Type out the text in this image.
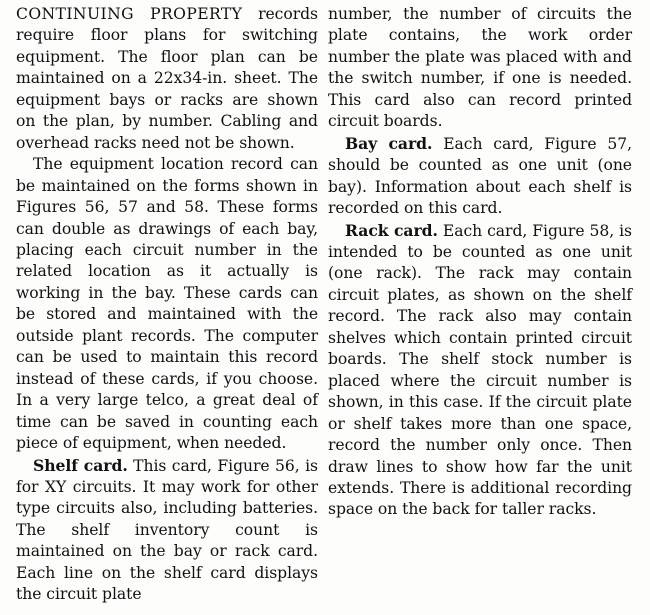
CONTINUING PROPERTY records require floor plans for switching equipment. The floor plan can be maintained on a 22x34-in. sheet. The equipment bays or racks are shown on the plan, by number. Cabling and overhead racks need not be shown.

The equipment location record can be maintained on the forms shown in Figures 56, 57 and 58. These forms can double as drawings of each bay, placing each circuit number in the related location as it actually is working in the bay. These cards can be stored and maintained with the outside plant records. The computer can be used to maintain this record instead of these cards, if you choose. In a very large telco, a great deal of time can be saved in counting each piece of equipment, when needed.

Shelf card. This card, Figure 56, is for XY circuits. It may work for other type circuits also, including batteries. The shelf inventory count is maintained on the bay or rack card. Each line on the shelf card displays the circuit plate

number, the number of circuits the plate contains, the work order number the plate was placed with and the switch number, if one is needed. This card also can record printed circuit boards.

Bay card. Each card, Figure 57, should be counted as one unit (one bay). Information about each shelf is recorded on this card.

Rack card. Each card, Figure 58, is intended to be counted as one unit (one rack). The rack may contain circuit plates, as shown on the shelf record. The rack also may contain shelves which contain printed circuit boards. The shelf stock number is placed where the circuit number is shown, in this case. If the circuit plate or shelf takes more than one space, record the number only once. Then draw lines to show how far the unit extends. There is additional recording space on the back for taller racks.
